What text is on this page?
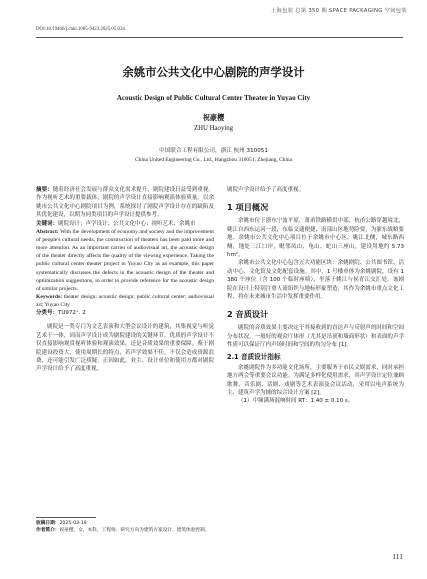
上海包装 总第 350 期 SPACE PACKAGING 空间包装
DOI:10.19466/j.cnki.1005-9423.2025.05.034.
余姚市公共文化中心剧院的声学设计
Acoustic Design of Public Cultural Center Theater in Yuyao City
祝豪樱
ZHU Haoying
中国联合工程有限公司，浙江 杭州 310051
China United Engineering Co., Ltd., Hangzhou 310051, Zhejiang, China

摘要：随着经济社会发展与群众文化需求提升，剧院建设日益受到重视。作为视听艺术的重要载体，剧院的声学设计直接影响观演体验质量。以余姚市公共文化中心剧院项目为例，系统探讨了剧院声学设计存在的缺陷及其优化建设，以期为同类项目的声学设计提供参考。

关键词：剧院设计；声学设计；公共文化中心；视听艺术；余姚市

Abstract: With the development of economy and society and the improvement of people's cultural needs, the construction of theaters has been paid more and more attention. As an important carrier of audiovisual art, the acoustic design of the theater directly affects the quality of the viewing experience. Taking the public cultural center theater project in Yuyao City as an example, this paper systematically discusses the defects in the acoustic design of the theater and optimization suggestions, in order to provide reference for the acoustic design of similar projects.

Keywords: theater design; acoustic design; public cultural center; audiovisual art; Yuyao City

分类号：TU972⁺. 2

剧院是一类专门为文艺表演和大型会议设计的建筑，其集视觉与听觉艺术于一体，因而声学设计成为剧院建设的关键环节。优质的声学设计不仅直接影响观赏视听体验和观演效果，还是音质效果的重要保障。鉴于剧院建设投资大、使用周期长的特点，若声学效果不佳，不仅会造成资源浪费，还可能引发广泛质疑。正因如此，业主、设计单位和使用方都对剧院声学设计给予了高度重视。

剧院声学设计给予了高度重视。

1 项目概况

余姚市位于浙东宁波平原，萧甬铁路横贯中部，杭甬公路穿越境北，姚江自西东运河一段，东临交通便捷，南部山区地势险要，为浙东战略要地。余姚市公共文化中心项目位于余姚市中心区，姚江北侧，城东路西侧，地处三江口岸，毗邻凤山、龟山、蛇山三座山，建设用地约 5.73 hm²。

余姚市公共文化中心包含五大功能区块：余姚剧院、公共图书馆、活动中心、文化馆及文化配套设施。其中，1 号楼单体为余姚剧院，设有 1 380 个座位（含 100 个临时座椅），坐落于姚江与侯青江交汇处。该剧院在设计上特别注重人流组织与地标形象塑造，其作为余姚市重点文化工程，将在未来城市生活中发挥重要作用。

2 音质设计

剧院的音质效果主要决定于其接收到的直达声与反射声的时间和空间分布状况。一般好的观众厅体形（尤其是吊顶和墙面形状）和表面的声学性质可以保证厅内声场时间和空间的均匀分布 [1]。

2.1 音质设计指标

余姚剧院作为多功能文化场所，主要服务于市民文娱需求，同时承担地方两会等重要会议功能。为满足多样化使用需求，其声学设计定位兼顾歌舞、音乐剧、话剧、戏剧等艺术表演及会议活动，采用以电声系统为主、建筑声学为辅的综合设计方案 [2]。

（1）中频满场混响时间 RT：1.40 ± 0.10 s。

收稿日期：2025-03-19
作者简介：祝豪樱，女，本科，工程师，研究方向为建筑方案设计、建筑体验控制。
111
